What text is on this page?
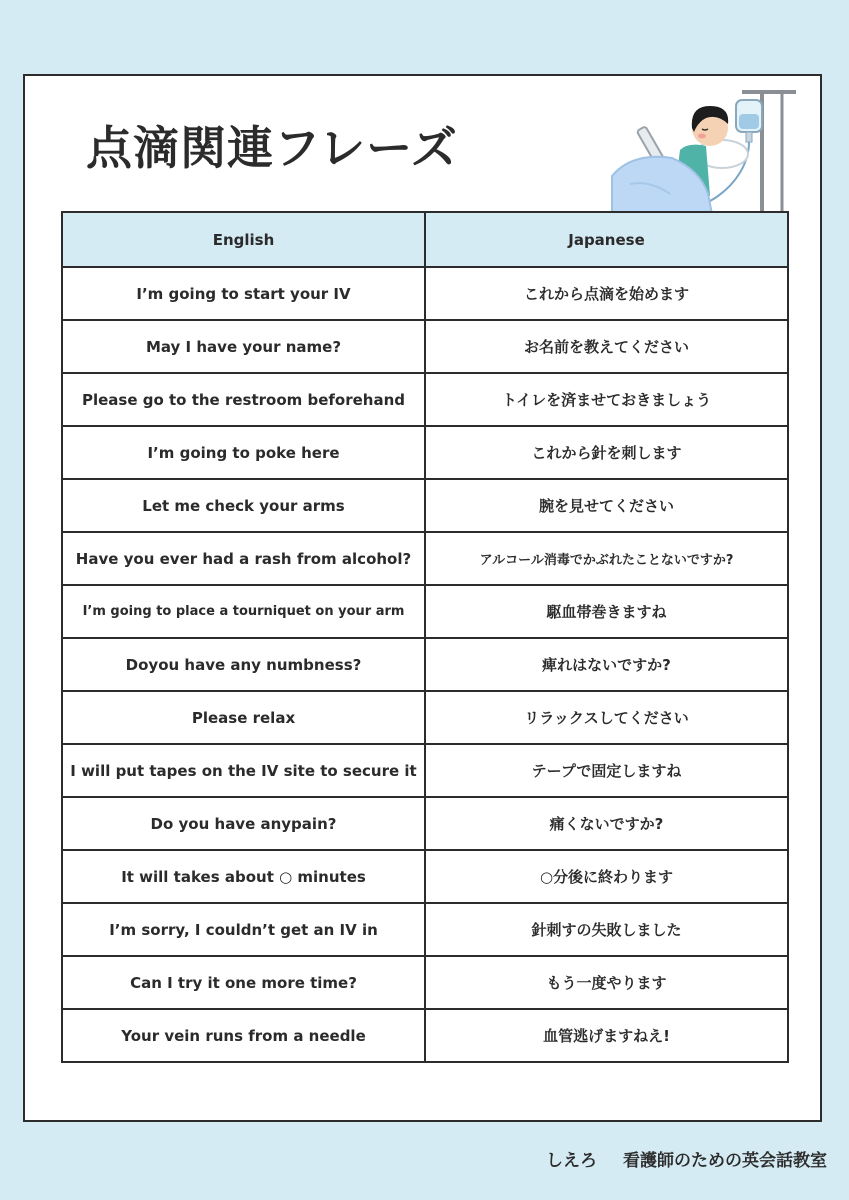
点滴関連フレーズ
English	Japanese
I’m going to start your IV	これから点滴を始めます
May I have your name?	お名前を教えてください
Please go to the restroom beforehand	トイレを済ませておきましょう
I’m going to poke here	これから針を刺します
Let me check your arms	腕を見せてください
Have you ever had a rash from alcohol?	アルコール消毒でかぶれたことないですか?
I’m going to place a tourniquet on your arm	駆血帯巻きますね
Doyou have any numbness?	痺れはないですか?
Please relax	リラックスしてください
I will put tapes on the IV site to secure it	テープで固定しますね
Do you have anypain?	痛くないですか?
It will takes about ○ minutes	○分後に終わります
I’m sorry, I couldn’t get an IV in	針刺すの失敗しました
Can I try it one more time?	もう一度やります
Your vein runs from a needle	血管逃げますねえ!
しえろ 看護師のための英会話教室
